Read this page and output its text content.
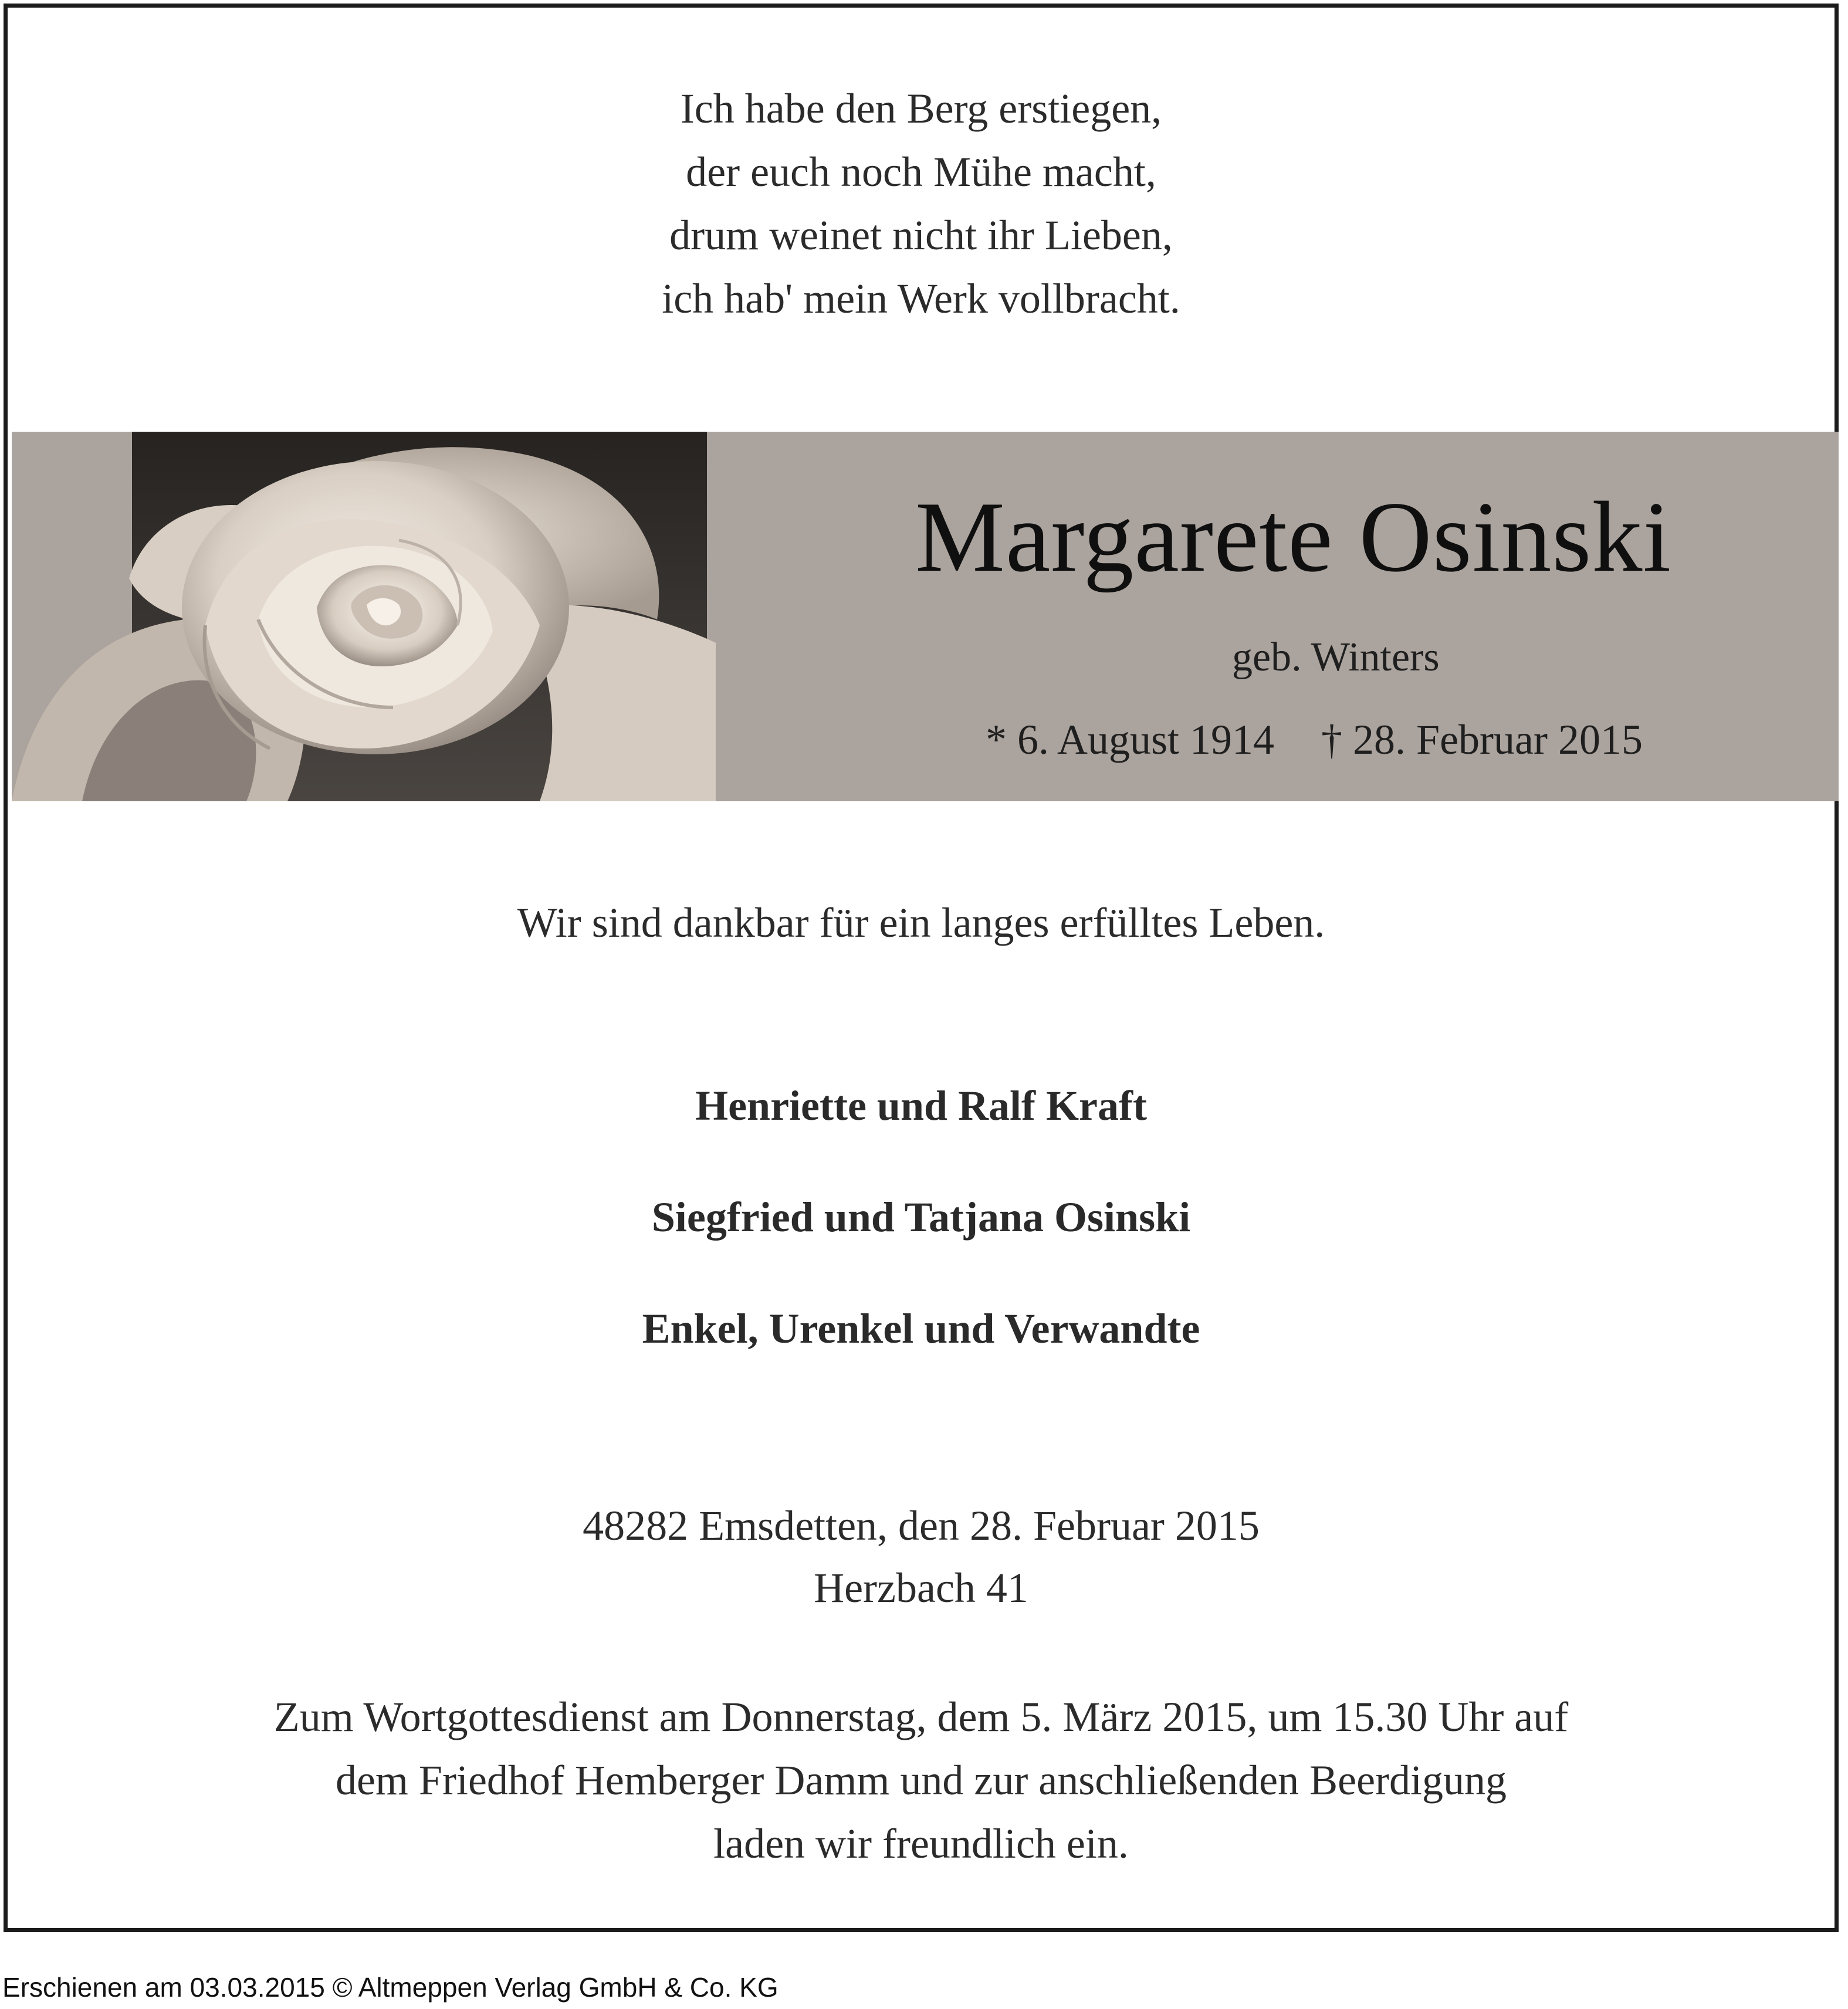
Ich habe den Berg erstiegen,
der euch noch Mühe macht,
drum weinet nicht ihr Lieben,
ich hab' mein Werk vollbracht.
Margarete Osinski
geb. Winters
* 6. August 1914 † 28. Februar 2015
Wir sind dankbar für ein langes erfülltes Leben.
Henriette und Ralf Kraft
Siegfried und Tatjana Osinski
Enkel, Urenkel und Verwandte
48282 Emsdetten, den 28. Februar 2015
Herzbach 41
Zum Wortgottesdienst am Donnerstag, dem 5. März 2015, um 15.30 Uhr auf
dem Friedhof Hemberger Damm und zur anschließenden Beerdigung
laden wir freundlich ein.
Erschienen am 03.03.2015 © Altmeppen Verlag GmbH & Co. KG
